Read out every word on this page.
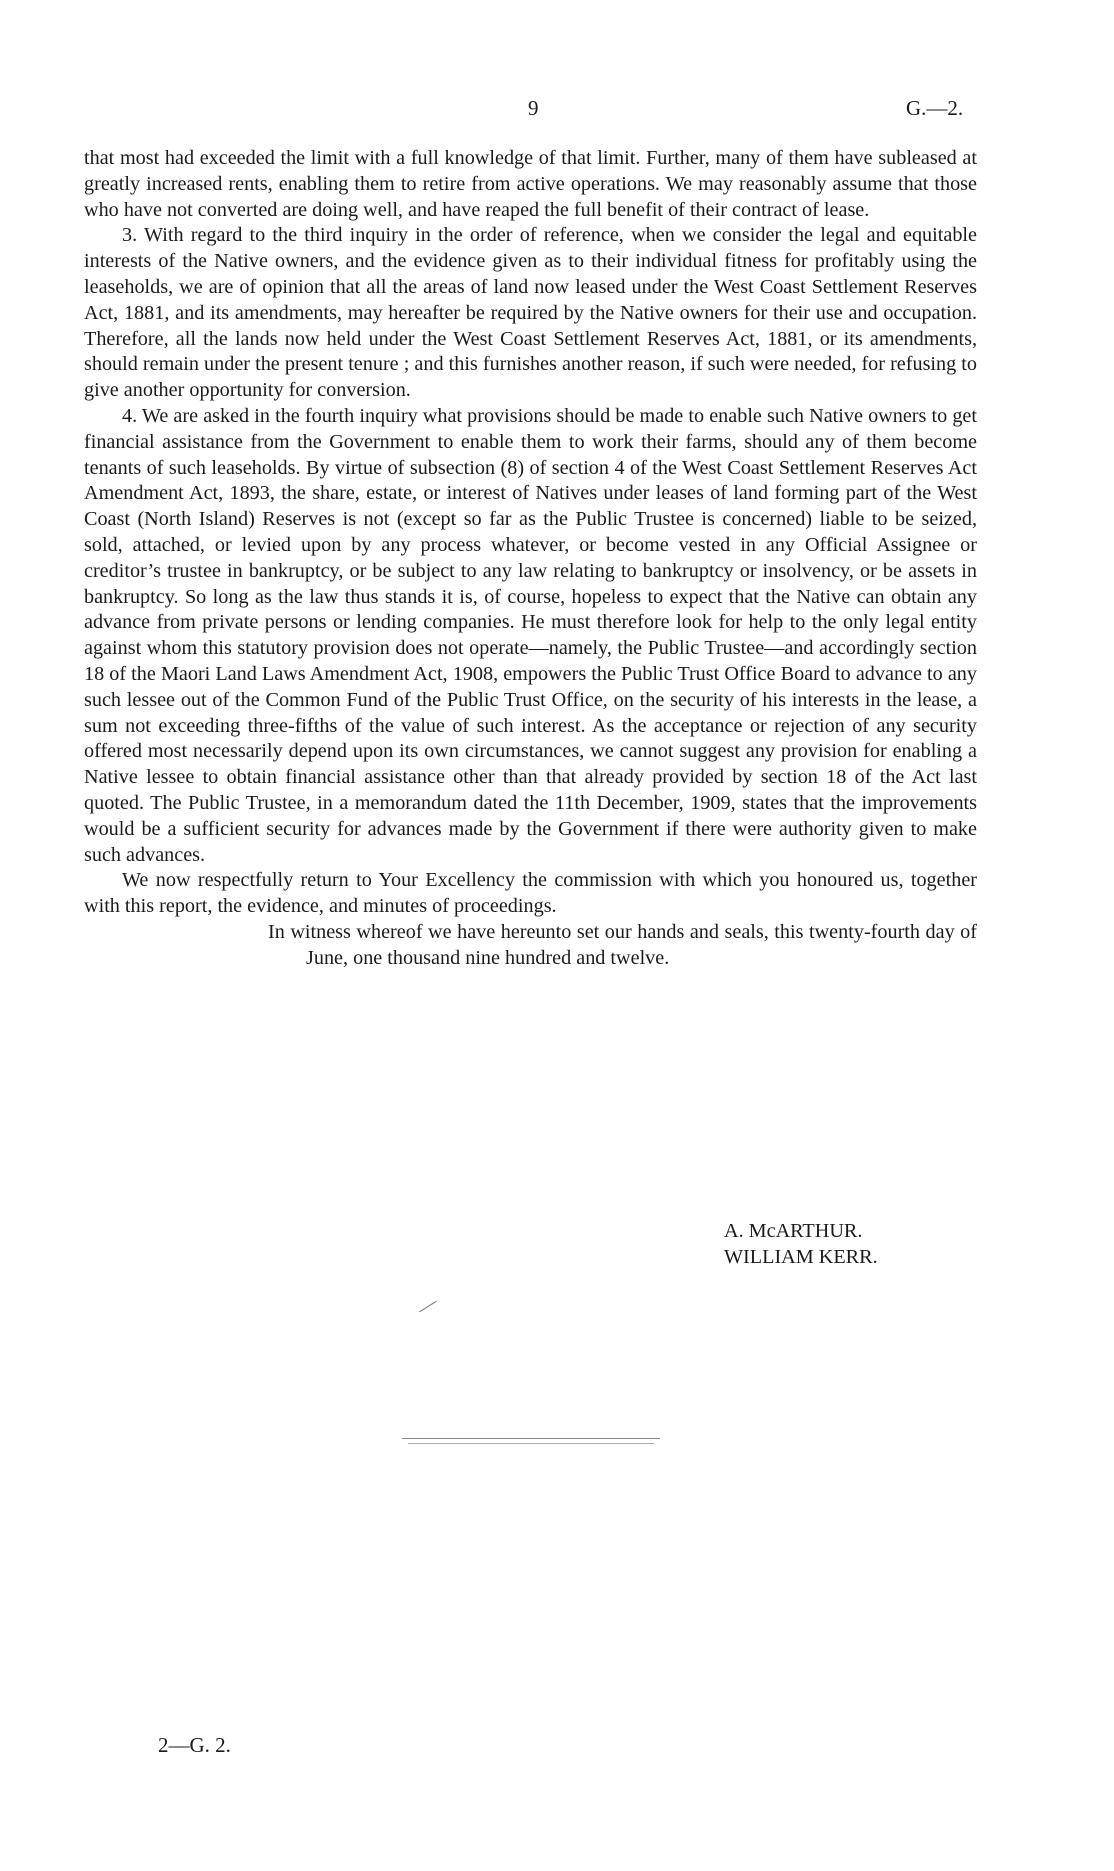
9	G.—2.

that most had exceeded the limit with a full knowledge of that limit. Further, many of them have subleased at greatly increased rents, enabling them to retire from active operations. We may reasonably assume that those who have not converted are doing well, and have reaped the full benefit of their contract of lease.

3. With regard to the third inquiry in the order of reference, when we consider the legal and equitable interests of the Native owners, and the evidence given as to their individual fitness for profitably using the leaseholds, we are of opinion that all the areas of land now leased under the West Coast Settlement Reserves Act, 1881, and its amendments, may hereafter be required by the Native owners for their use and occupation. Therefore, all the lands now held under the West Coast Settlement Reserves Act, 1881, or its amendments, should remain under the present tenure ; and this furnishes another reason, if such were needed, for refusing to give another opportunity for conversion.

4. We are asked in the fourth inquiry what provisions should be made to enable such Native owners to get financial assistance from the Government to enable them to work their farms, should any of them become tenants of such leaseholds. By virtue of subsection (8) of section 4 of the West Coast Settlement Reserves Act Amendment Act, 1893, the share, estate, or interest of Natives under leases of land forming part of the West Coast (North Island) Reserves is not (except so far as the Public Trustee is concerned) liable to be seized, sold, attached, or levied upon by any process whatever, or become vested in any Official Assignee or creditor’s trustee in bankruptcy, or be subject to any law relating to bankruptcy or insolvency, or be assets in bankruptcy. So long as the law thus stands it is, of course, hopeless to expect that the Native can obtain any advance from private persons or lending companies. He must therefore look for help to the only legal entity against whom this statutory provision does not operate—namely, the Public Trustee—and accordingly section 18 of the Maori Land Laws Amendment Act, 1908, empowers the Public Trust Office Board to advance to any such lessee out of the Common Fund of the Public Trust Office, on the security of his interests in the lease, a sum not exceeding three-fifths of the value of such interest. As the acceptance or rejection of any security offered most necessarily depend upon its own circumstances, we cannot suggest any provision for enabling a Native lessee to obtain financial assistance other than that already provided by section 18 of the Act last quoted. The Public Trustee, in a memorandum dated the 11th December, 1909, states that the improvements would be a sufficient security for advances made by the Government if there were authority given to make such advances.

We now respectfully return to Your Excellency the commission with which you honoured us, together with this report, the evidence, and minutes of proceedings.

In witness whereof we have hereunto set our hands and seals, this twenty-fourth day of June, one thousand nine hundred and twelve.

A. McARTHUR.
WILLIAM KERR.
2—G. 2.
